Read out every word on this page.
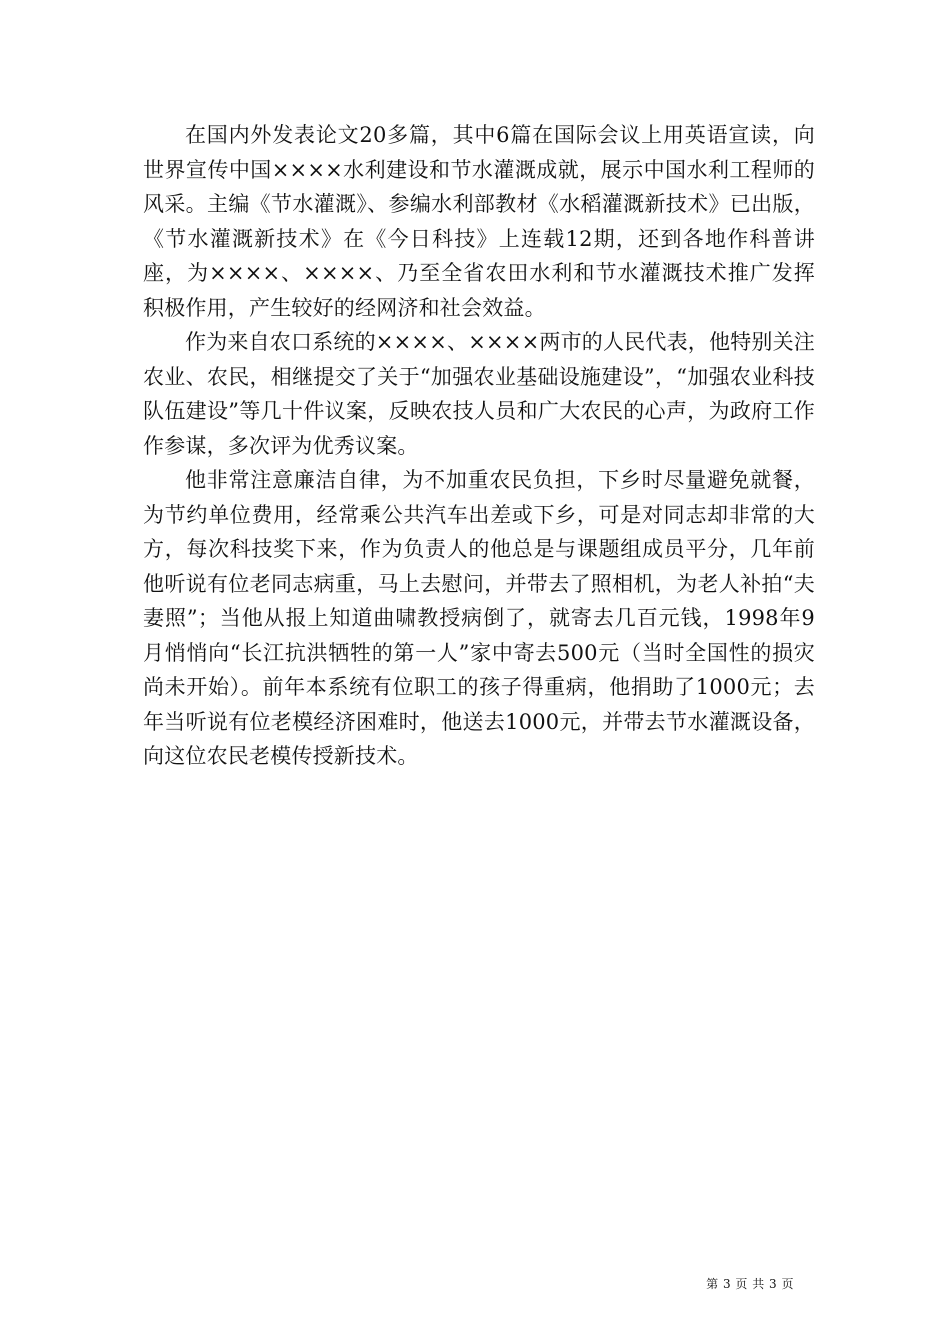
在国内外发表论文20多篇，其中6篇在国际会议上用英语宣读，向世界宣传中国××××水利建设和节水灌溉成就，展示中国水利工程师的风采。主编《节水灌溉》、参编水利部教材《水稻灌溉新技术》已出版，《节水灌溉新技术》在《今日科技》上连载12期，还到各地作科普讲座，为××××、××××、乃至全省农田水利和节水灌溉技术推广发挥积极作用，产生较好的经网济和社会效益。

作为来自农口系统的××××、××××两市的人民代表，他特别关注农业、农民，相继提交了关于“加强农业基础设施建设”，“加强农业科技队伍建设”等几十件议案，反映农技人员和广大农民的心声，为政府工作作参谋，多次评为优秀议案。

他非常注意廉洁自律，为不加重农民负担，下乡时尽量避免就餐，为节约单位费用，经常乘公共汽车出差或下乡，可是对同志却非常的大方，每次科技奖下来，作为负责人的他总是与课题组成员平分，几年前他听说有位老同志病重，马上去慰问，并带去了照相机，为老人补拍“夫妻照”；当他从报上知道曲啸教授病倒了，就寄去几百元钱，1998年9月悄悄向“长江抗洪牺牲的第一人”家中寄去500元（当时全国性的损灾尚未开始）。前年本系统有位职工的孩子得重病，他捐助了1000元；去年当听说有位老模经济困难时，他送去1000元，并带去节水灌溉设备，向这位农民老模传授新技术。

第 3 页 共 3 页
